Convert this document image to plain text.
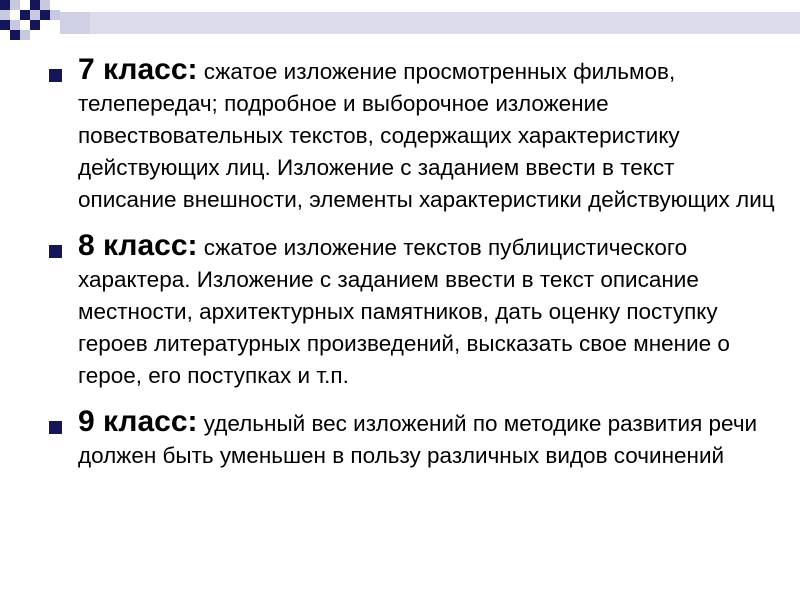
7 класс: сжатое изложение просмотренных фильмов, телепередач; подробное и выборочное изложение повествовательных текстов, содержащих характеристику действующих лиц. Изложение с заданием ввести в текст описание внешности, элементы характеристики действующих лиц
8 класс: сжатое изложение текстов публицистического характера. Изложение с заданием ввести в текст описание местности, архитектурных памятников, дать оценку поступку героев литературных произведений, высказать свое мнение о герое, его поступках и т.п.
9 класс: удельный вес изложений по методике развития речи должен быть уменьшен в пользу различных видов сочинений
